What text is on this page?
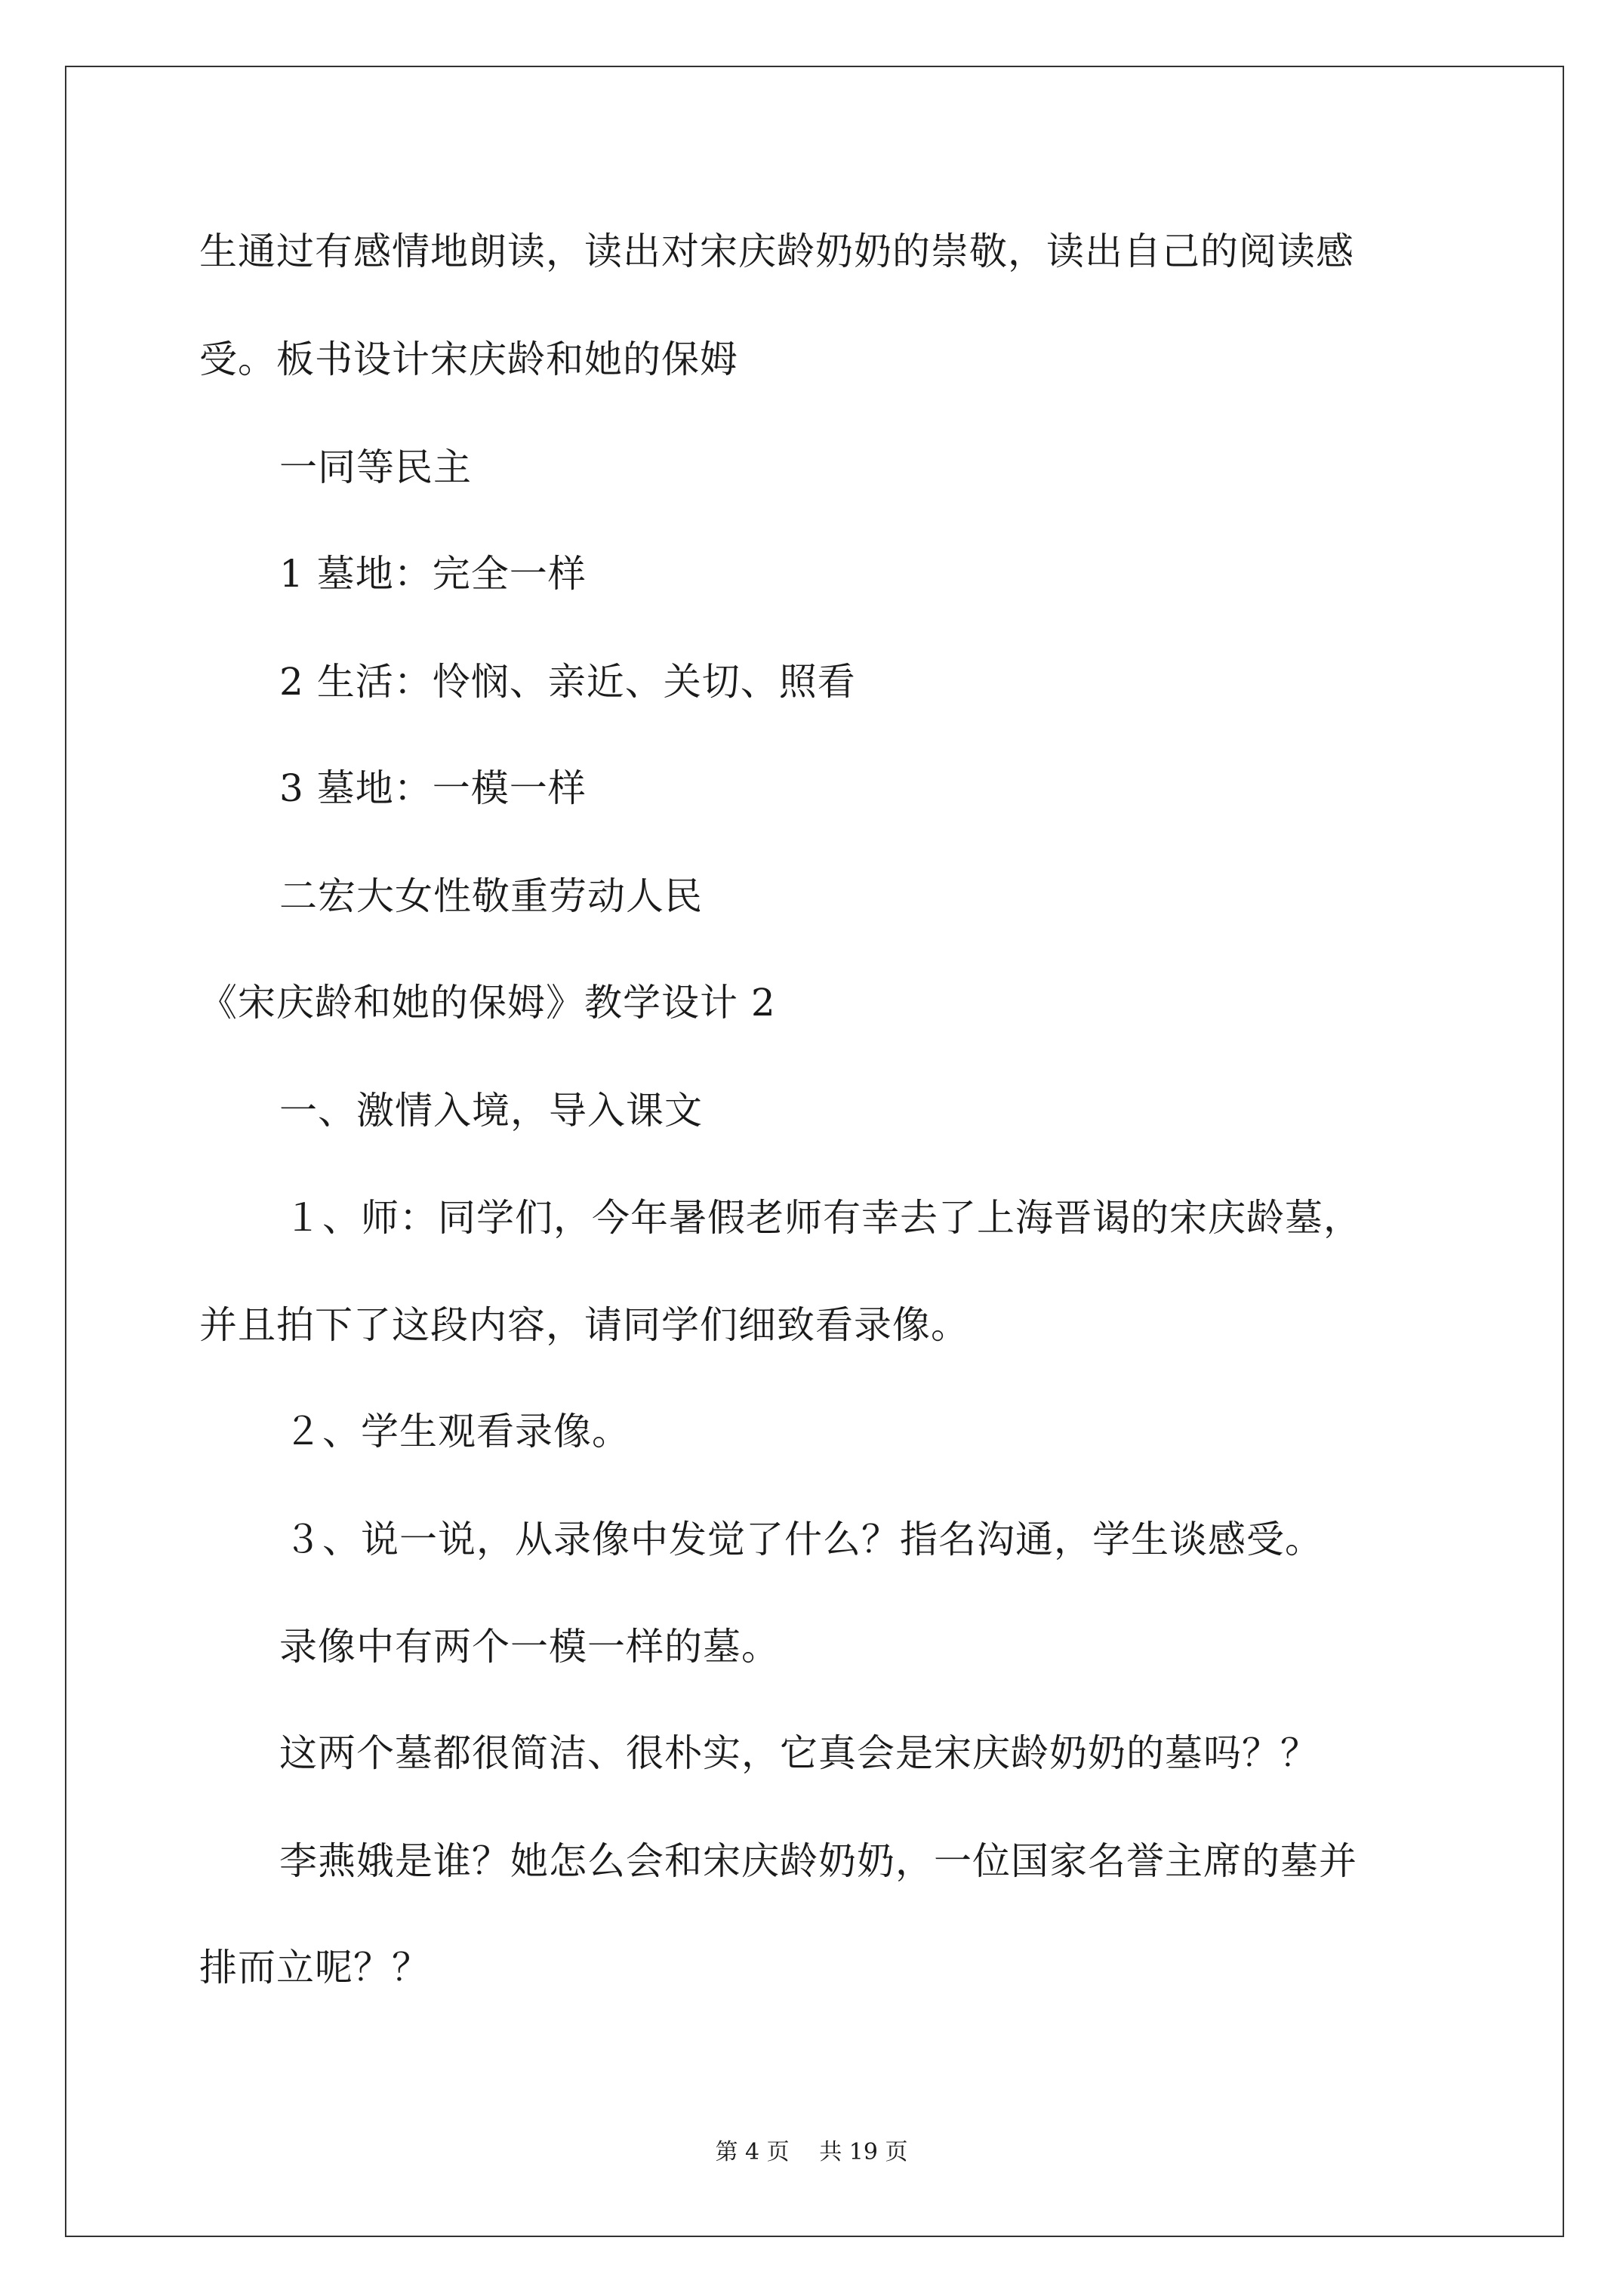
生通过有感情地朗读，读出对宋庆龄奶奶的崇敬，读出自己的阅读感
受。板书设计宋庆龄和她的保姆
一同等民主
1 墓地：完全一样
2 生活：怜悯、亲近、关切、照看
3 墓地：一模一样
二宏大女性敬重劳动人民
《宋庆龄和她的保姆》教学设计 2
一、激情入境，导入课文
１、师：同学们，今年暑假老师有幸去了上海晋谒的宋庆龄墓，
并且拍下了这段内容，请同学们细致看录像。
２、学生观看录像。
３、说一说，从录像中发觉了什么？指名沟通，学生谈感受。
录像中有两个一模一样的墓。
这两个墓都很简洁、很朴实，它真会是宋庆龄奶奶的墓吗？？
李燕娥是谁？她怎么会和宋庆龄奶奶，一位国家名誉主席的墓并
排而立呢？？
第 4 页　 共 19 页
